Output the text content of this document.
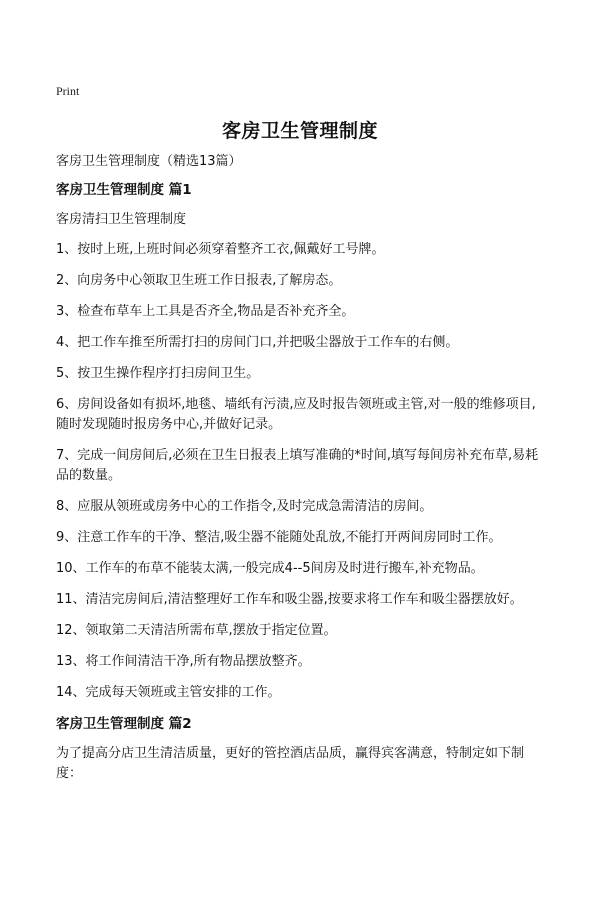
Print
客房卫生管理制度

客房卫生管理制度（精选13篇）

客房卫生管理制度 篇1

客房清扫卫生管理制度

1、按时上班,上班时间必须穿着整齐工衣,佩戴好工号牌。

2、向房务中心领取卫生班工作日报表,了解房态。

3、检查布草车上工具是否齐全,物品是否补充齐全。

4、把工作车推至所需打扫的房间门口,并把吸尘器放于工作车的右侧。

5、按卫生操作程序打扫房间卫生。

6、房间设备如有损坏,地毯、墙纸有污渍,应及时报告领班或主管,对一般的维修项目,随时发现随时报房务中心,并做好记录。

7、完成一间房间后,必须在卫生日报表上填写准确的*时间,填写每间房补充布草,易耗品的数量。

8、应服从领班或房务中心的工作指令,及时完成急需清洁的房间。

9、注意工作车的干净、整洁,吸尘器不能随处乱放,不能打开两间房同时工作。

10、工作车的布草不能装太满,一般完成4--5间房及时进行搬车,补充物品。

11、清洁完房间后,清洁整理好工作车和吸尘器,按要求将工作车和吸尘器摆放好。

12、领取第二天清洁所需布草,摆放于指定位置。

13、将工作间清洁干净,所有物品摆放整齐。

14、完成每天领班或主管安排的工作。

客房卫生管理制度 篇2

为了提高分店卫生清洁质量，更好的管控酒店品质，赢得宾客满意，特制定如下制度：
